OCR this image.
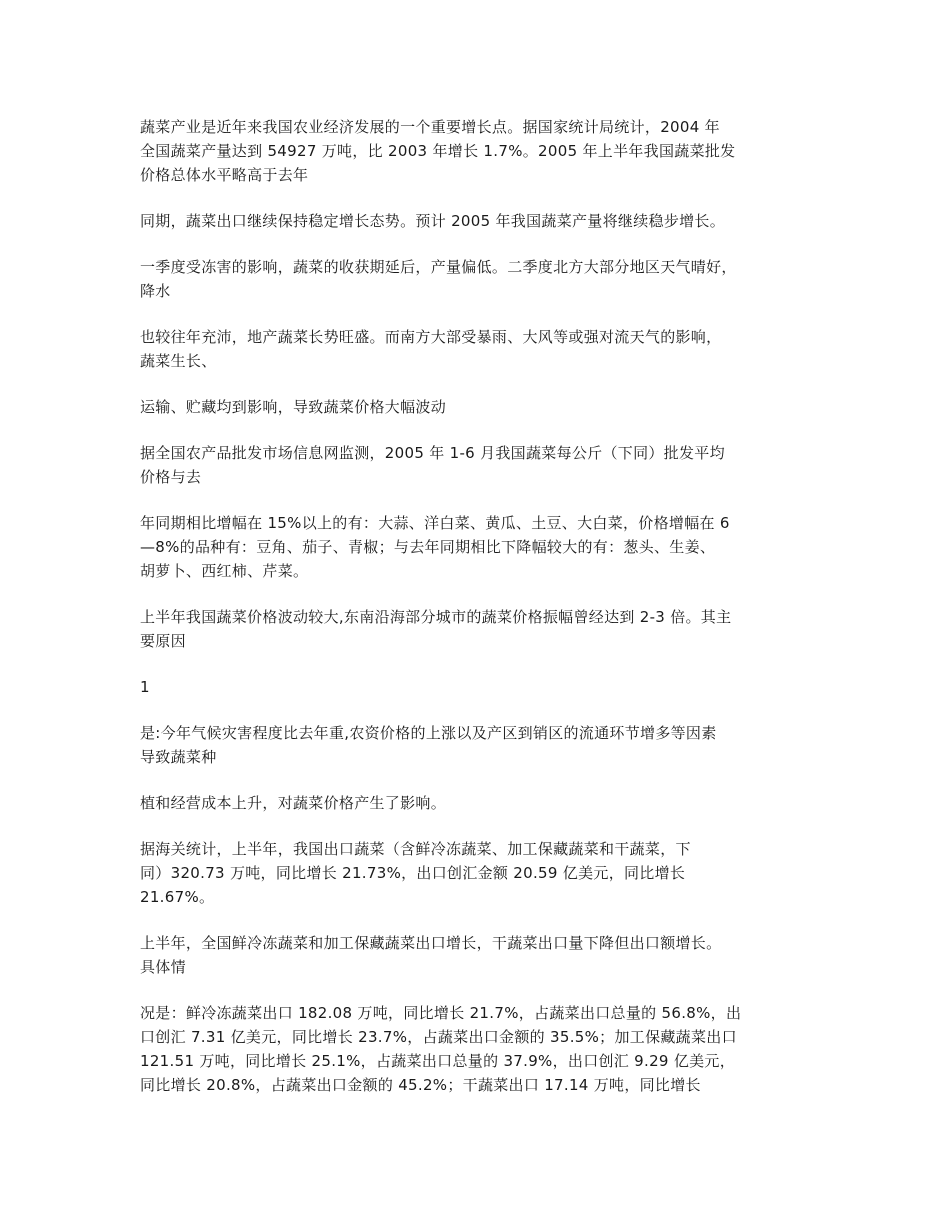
蔬菜产业是近年来我国农业经济发展的一个重要增长点。据国家统计局统计，2004 年
全国蔬菜产量达到 54927 万吨，比 2003 年增长 1.7%。2005 年上半年我国蔬菜批发
价格总体水平略高于去年

同期，蔬菜出口继续保持稳定增长态势。预计 2005 年我国蔬菜产量将继续稳步增长。

一季度受冻害的影响，蔬菜的收获期延后，产量偏低。二季度北方大部分地区天气晴好，
降水

也较往年充沛，地产蔬菜长势旺盛。而南方大部受暴雨、大风等或强对流天气的影响，
蔬菜生长、

运输、贮藏均到影响，导致蔬菜价格大幅波动

据全国农产品批发市场信息网监测，2005 年 1-6 月我国蔬菜每公斤（下同）批发平均
价格与去

年同期相比增幅在 15%以上的有：大蒜、洋白菜、黄瓜、土豆、大白菜，价格增幅在 6
—8%的品种有：豆角、茄子、青椒；与去年同期相比下降幅较大的有：葱头、生姜、
胡萝卜、西红柿、芹菜。

上半年我国蔬菜价格波动较大,东南沿海部分城市的蔬菜价格振幅曾经达到 2-3 倍。其主
要原因

1

是:今年气候灾害程度比去年重,农资价格的上涨以及产区到销区的流通环节增多等因素
导致蔬菜种

植和经营成本上升，对蔬菜价格产生了影响。

据海关统计，上半年，我国出口蔬菜（含鲜冷冻蔬菜、加工保藏蔬菜和干蔬菜，下
同）320.73 万吨，同比增长 21.73%，出口创汇金额 20.59 亿美元，同比增长
21.67%。

上半年，全国鲜冷冻蔬菜和加工保藏蔬菜出口增长，干蔬菜出口量下降但出口额增长。
具体情

况是：鲜冷冻蔬菜出口 182.08 万吨，同比增长 21.7%，占蔬菜出口总量的 56.8%，出
口创汇 7.31 亿美元，同比增长 23.7%，占蔬菜出口金额的 35.5%；加工保藏蔬菜出口
121.51 万吨，同比增长 25.1%，占蔬菜出口总量的 37.9%，出口创汇 9.29 亿美元，
同比增长 20.8%，占蔬菜出口金额的 45.2%；干蔬菜出口 17.14 万吨，同比增长
